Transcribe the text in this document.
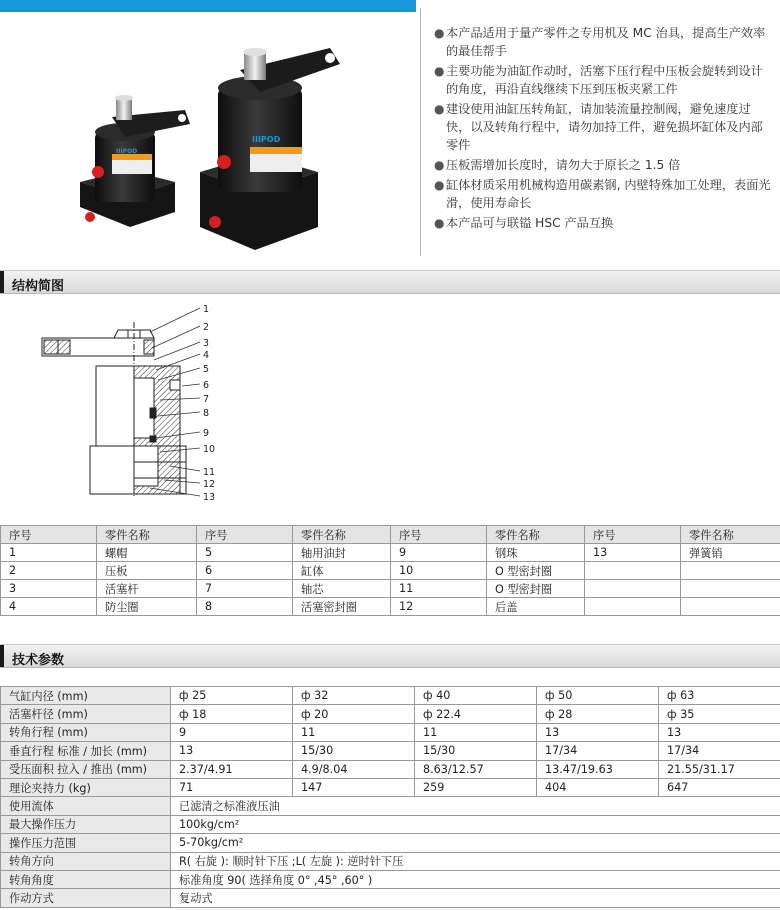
IIIPOD
IIIPOD
● 本产品适用于量产零件之专用机及 MC 治具，提高生产效率的最佳帮手
● 主要功能为油缸作动时，活塞下压行程中压板会旋转到设计的角度，再沿直线继续下压到压板夹紧工件
● 建设使用油缸压转角缸，请加装流量控制阀，避免速度过快，以及转角行程中，请勿加持工件，避免损坏缸体及内部零件
● 压板需增加长度时，请勿大于原长之 1.5 倍
● 缸体材质采用机械构造用碳素钢, 内壁特殊加工处理，表面光滑，使用寿命长
● 本产品可与联镒 HSC 产品互换
结构简图
1
2
3
4
5
6
7
8
9
10
11
12
13
序号	零件名称	序号	零件名称	序号	零件名称	序号	零件名称
1	螺帽	5	轴用油封	9	钢珠	13	弹簧销
2	压板	6	缸体	10	O 型密封圈		
3	活塞杆	7	轴芯	11	O 型密封圈		
4	防尘圈	8	活塞密封圈	12	后盖		
技术参数
气缸内径 (mm)	ф 25	ф 32	ф 40	ф 50	ф 63
活塞杆径 (mm)	ф 18	ф 20	ф 22.4	ф 28	ф 35
转角行程 (mm)	9	11	11	13	13
垂直行程 标准 / 加长 (mm)	13	15/30	15/30	17/34	17/34
受压面积 拉入 / 推出 (mm)	2.37/4.91	4.9/8.04	8.63/12.57	13.47/19.63	21.55/31.17
理论夹持力 (kg)	71	147	259	404	647
使用流体	已滤清之标准液压油				
最大操作压力	100kg/cm²				
操作压力范围	5-70kg/cm²				
转角方向	R( 右旋 ): 顺时针下压 ;L( 左旋 ): 逆时针下压				
转角角度	标准角度 90( 选择角度 0° ,45° ,60° )				
作动方式	复动式				
